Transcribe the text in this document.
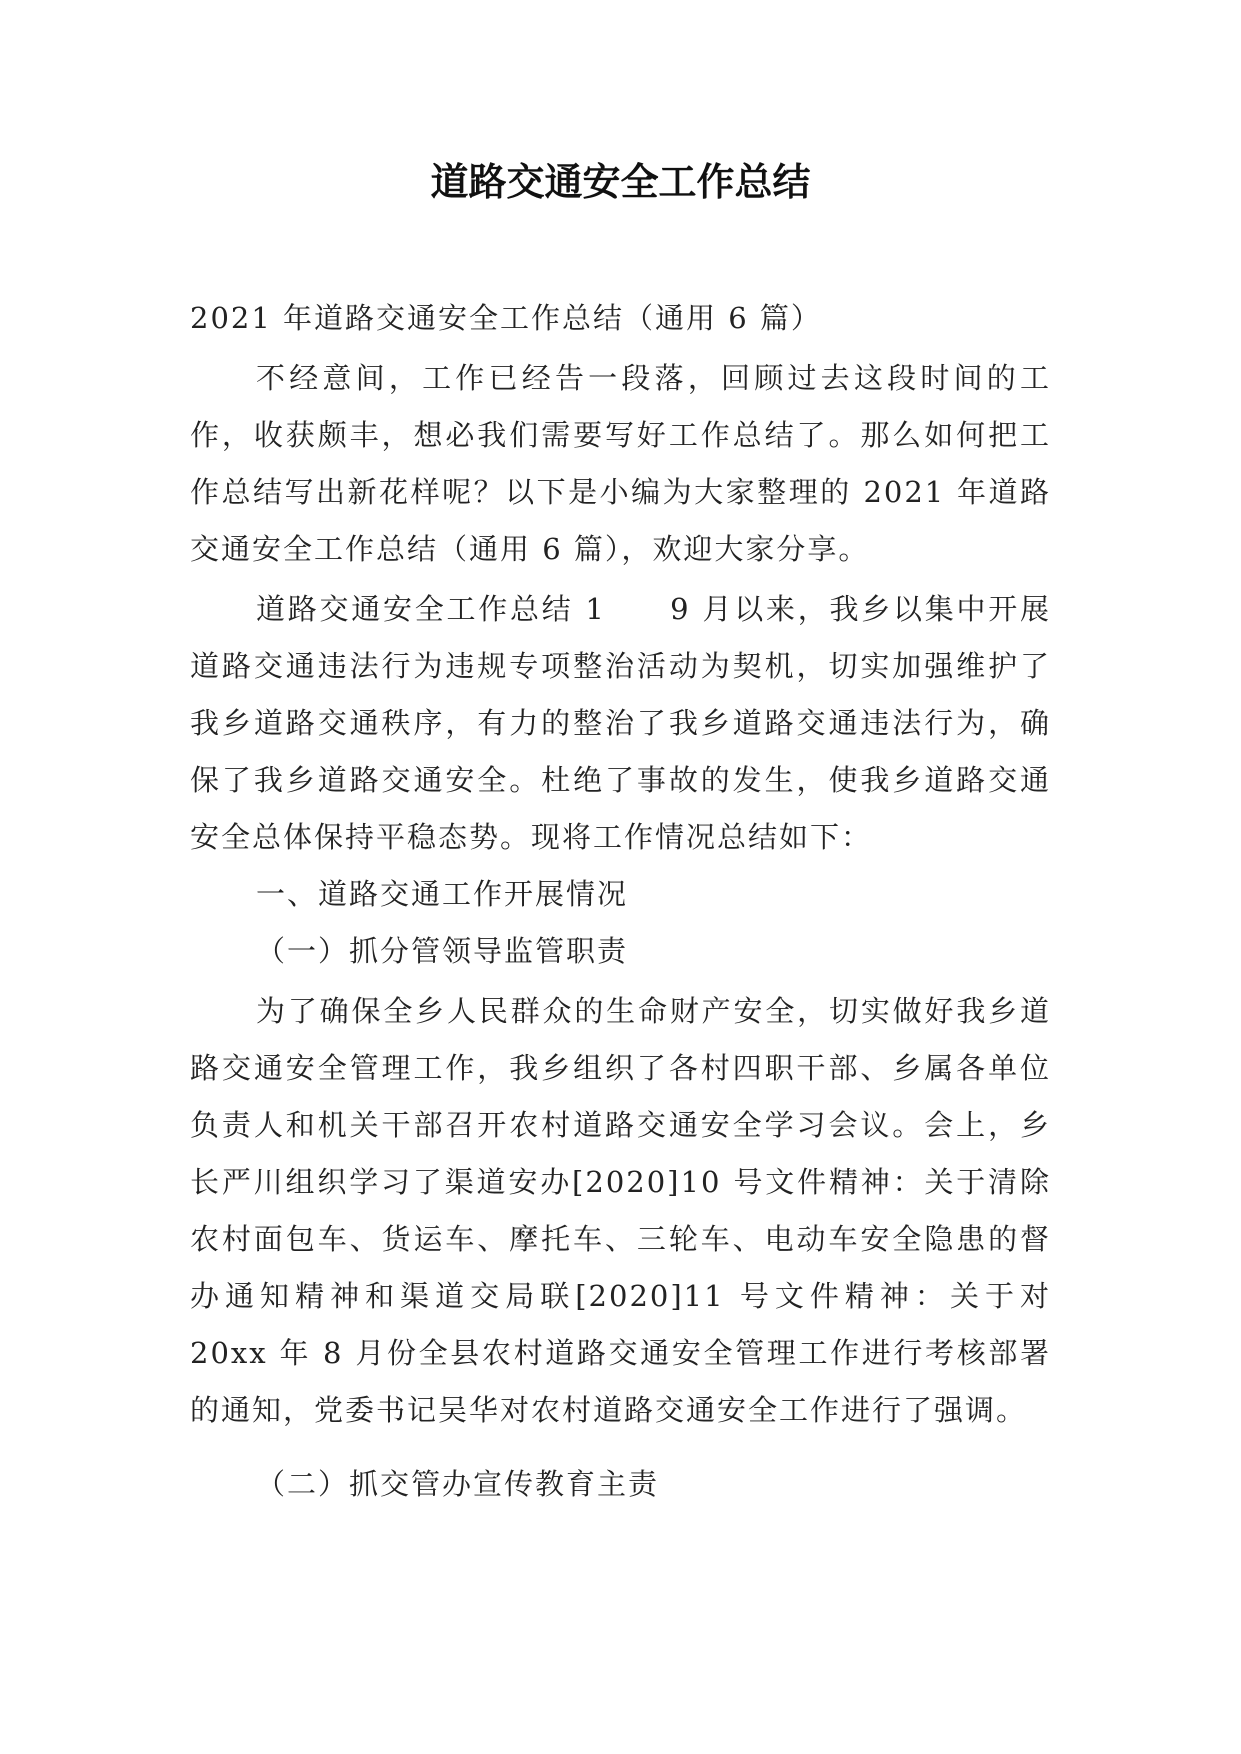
道路交通安全工作总结

2021 年道路交通安全工作总结（通用 6 篇）

不经意间，工作已经告一段落，回顾过去这段时间的工作，收获颇丰，想必我们需要写好工作总结了。那么如何把工作总结写出新花样呢？以下是小编为大家整理的 2021 年道路交通安全工作总结（通用 6 篇），欢迎大家分享。

道路交通安全工作总结 1　　9 月以来，我乡以集中开展道路交通违法行为违规专项整治活动为契机，切实加强维护了我乡道路交通秩序，有力的整治了我乡道路交通违法行为，确保了我乡道路交通安全。杜绝了事故的发生，使我乡道路交通安全总体保持平稳态势。现将工作情况总结如下：

一、道路交通工作开展情况

（一）抓分管领导监管职责

为了确保全乡人民群众的生命财产安全，切实做好我乡道路交通安全管理工作，我乡组织了各村四职干部、乡属各单位负责人和机关干部召开农村道路交通安全学习会议。会上，乡长严川组织学习了渠道安办[2020]10 号文件精神：关于清除农村面包车、货运车、摩托车、三轮车、电动车安全隐患的督办通知精神和渠道交局联[2020]11 号文件精神：关于对 20xx 年 8 月份全县农村道路交通安全管理工作进行考核部署的通知，党委书记吴华对农村道路交通安全工作进行了强调。

（二）抓交管办宣传教育主责
